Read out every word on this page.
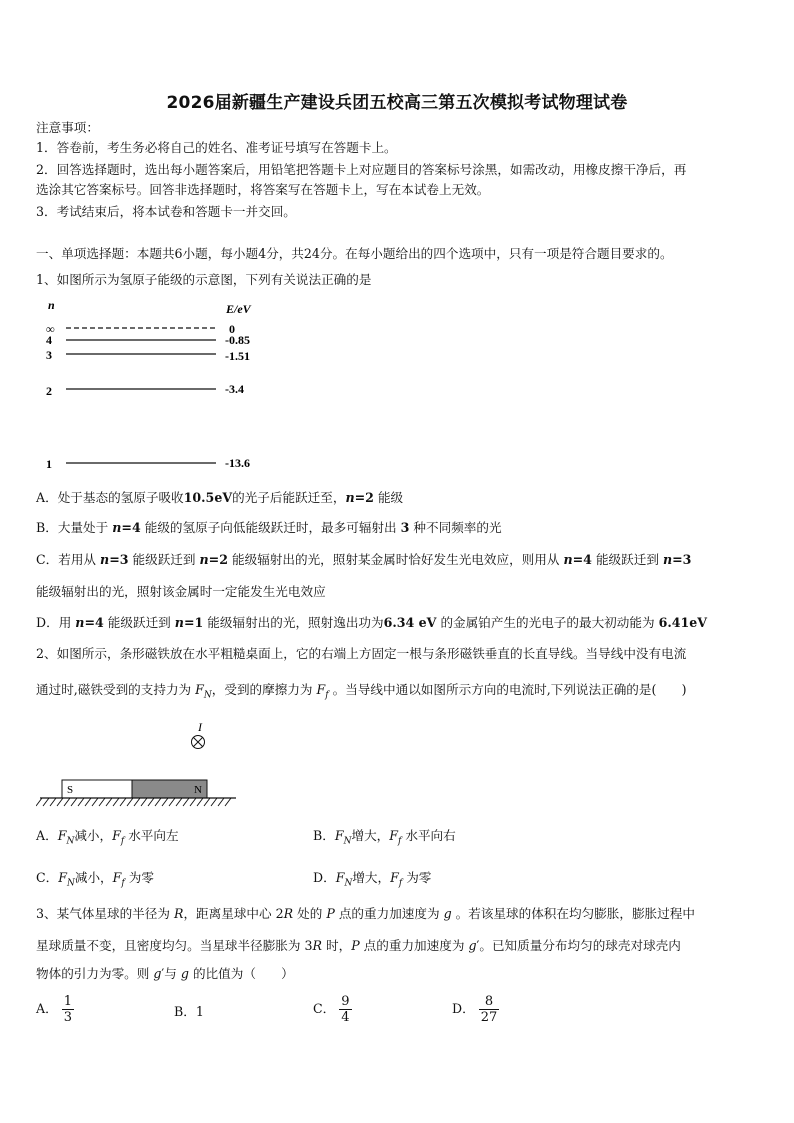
2026届新疆生产建设兵团五校高三第五次模拟考试物理试卷
注意事项：
1．答卷前，考生务必将自己的姓名、准考证号填写在答题卡上。
2．回答选择题时，选出每小题答案后，用铅笔把答题卡上对应题目的答案标号涂黑，如需改动，用橡皮擦干净后，再
选涂其它答案标号。回答非选择题时，将答案写在答题卡上，写在本试卷上无效。
3．考试结束后，将本试卷和答题卡一并交回。
一、单项选择题：本题共6小题，每小题4分，共24分。在每小题给出的四个选项中，只有一项是符合题目要求的。
1、如图所示为氢原子能级的示意图，下列有关说法正确的是
n	E/eV
∞	0
4	-0.85
3	-1.51
2	-3.4
1	-13.6
A．处于基态的氢原子吸收10.5eV的光子后能跃迁至，n=2 能级
B．大量处于 n=4 能级的氢原子向低能级跃迁时，最多可辐射出 3 种不同频率的光
C．若用从 n=3 能级跃迁到 n=2 能级辐射出的光，照射某金属时恰好发生光电效应，则用从 n=4 能级跃迁到 n=3
能级辐射出的光，照射该金属时一定能发生光电效应
D．用 n=4 能级跃迁到 n=1 能级辐射出的光，照射逸出功为6.34 eV 的金属铂产生的光电子的最大初动能为 6.41eV
2、如图所示，条形磁铁放在水平粗糙桌面上，它的右端上方固定一根与条形磁铁垂直的长直导线。当导线中没有电流
通过时,磁铁受到的支持力为 $F_N$，受到的摩擦力为 $F_f$ 。当导线中通以如图所示方向的电流时,下列说法正确的是(　　)
I
S	N
A．$F_N$减小，$F_f$ 水平向左	B．$F_N$增大，$F_f$ 水平向右
C．$F_N$减小，$F_f$ 为零	D．$F_N$增大，$F_f$ 为零
3、某气体星球的半径为 R，距离星球中心 2R 处的 P 点的重力加速度为 g 。若该星球的体积在均匀膨胀，膨胀过程中
星球质量不变，且密度均匀。当星球半径膨胀为 3R 时，P 点的重力加速度为 g′。已知质量分布均匀的球壳对球壳内
物体的引力为零。则 g′与 g 的比值为（　　）
A． $\frac{1}{3}$	B．1	C． $\frac{9}{4}$	D． $\frac{8}{27}$
